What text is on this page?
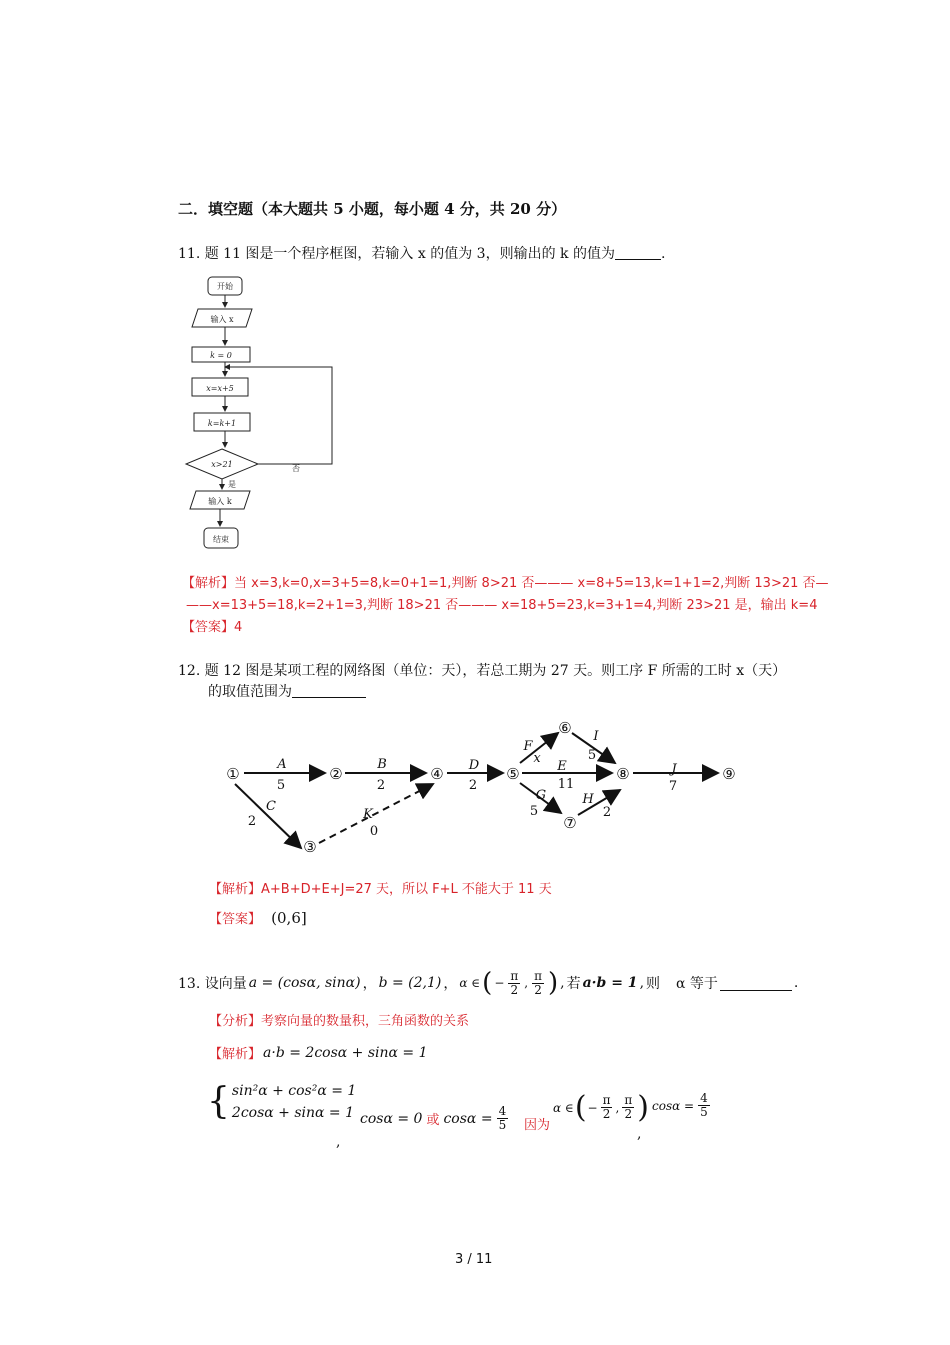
二．填空题（本大题共 5 小题，每小题 4 分，共 20 分）
11. 题 11 图是一个程序框图，若输入 x 的值为 3，则输出的 k 的值为	.
开始
输入 x
k = 0
x=x+5
k=k+1
x>21
是
否
输入 k
结束
【解析】当 x=3,k=0,x=3+5=8,k=0+1=1,判断 8>21 否——— x=8+5=13,k=1+1=2,判断 13>21 否—
——x=13+5=18,k=2+1=3,判断 18>21 否——— x=18+5=23,k=3+1=4,判断 23>21 是，输出 k=4
【答案】4
12. 题 12 图是某项工程的网络图（单位：天），若总工期为 27 天。则工序 F 所需的工时 x（天）
的取值范围为
①	②
③
④	⑤
⑥
⑦
⑧	⑨
A
5
B
2
C
2	K
0
D
2
F
x
I
5
E
11
G
5
H
2
J
7
【解析】A+B+D+E+J=27 天，所以 F+L 不能大于 11 天
【答案】 (0,6]
13. 设向量 a = (cosα, sinα) ， b = (2,1) ， α ∈ ( − $\frac{\pi}{2}$ , $\frac{\pi}{2}$ ) , 若 a·b = 1 , 则 α 等于	.
【分析】考察向量的数量积，三角函数的关系
【解析】 a·b = 2cosα + sinα = 1
{ sin²α + cos²α = 1
2cosα + sinα = 1
,
cosα = 0 或 $\cos\alpha = \frac{4}{5}$ 因为
α ∈ ( − $\frac{\pi}{2}$ , $\frac{\pi}{2}$ )
,
$\cos\alpha = \frac{4}{5}$
3 / 11
